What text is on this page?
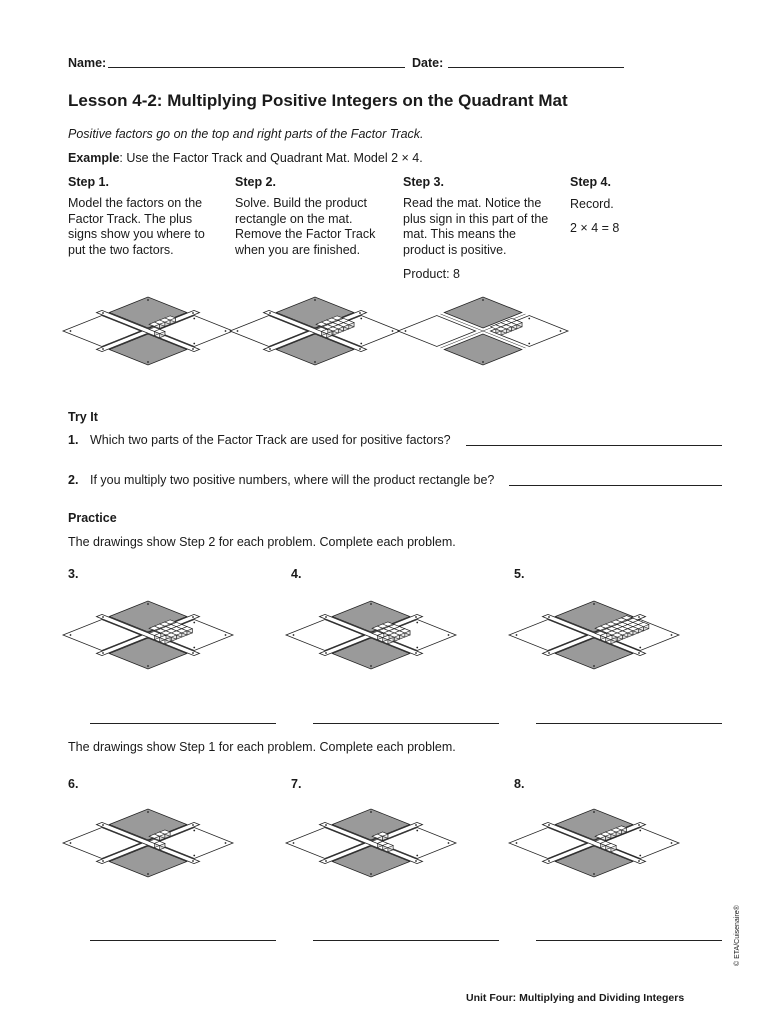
Name:	Date:
Lesson 4-2: Multiplying Positive Integers on the Quadrant Mat
Positive factors go on the top and right parts of the Factor Track.
Example: Use the Factor Track and Quadrant Mat. Model 2 × 4.
Step 1.
Model the factors on the Factor Track. The plus signs show you where to put the two factors.
Step 2.
Solve. Build the product rectangle on the mat. Remove the Factor Track when you are finished.
Step 3.
Read the mat. Notice the plus sign in this part of the mat. This means the product is positive.
Product: 8
Step 4.
Record.
2 × 4 = 8
Try It
1. Which two parts of the Factor Track are used for positive factors?
2. If you multiply two positive numbers, where will the product rectangle be?
Practice
The drawings show Step 2 for each problem. Complete each problem.
3.	4.	5.
The drawings show Step 1 for each problem. Complete each problem.
6.	7.	8.
© ETA/Cuisenaire®
Unit Four: Multiplying and Dividing Integers
